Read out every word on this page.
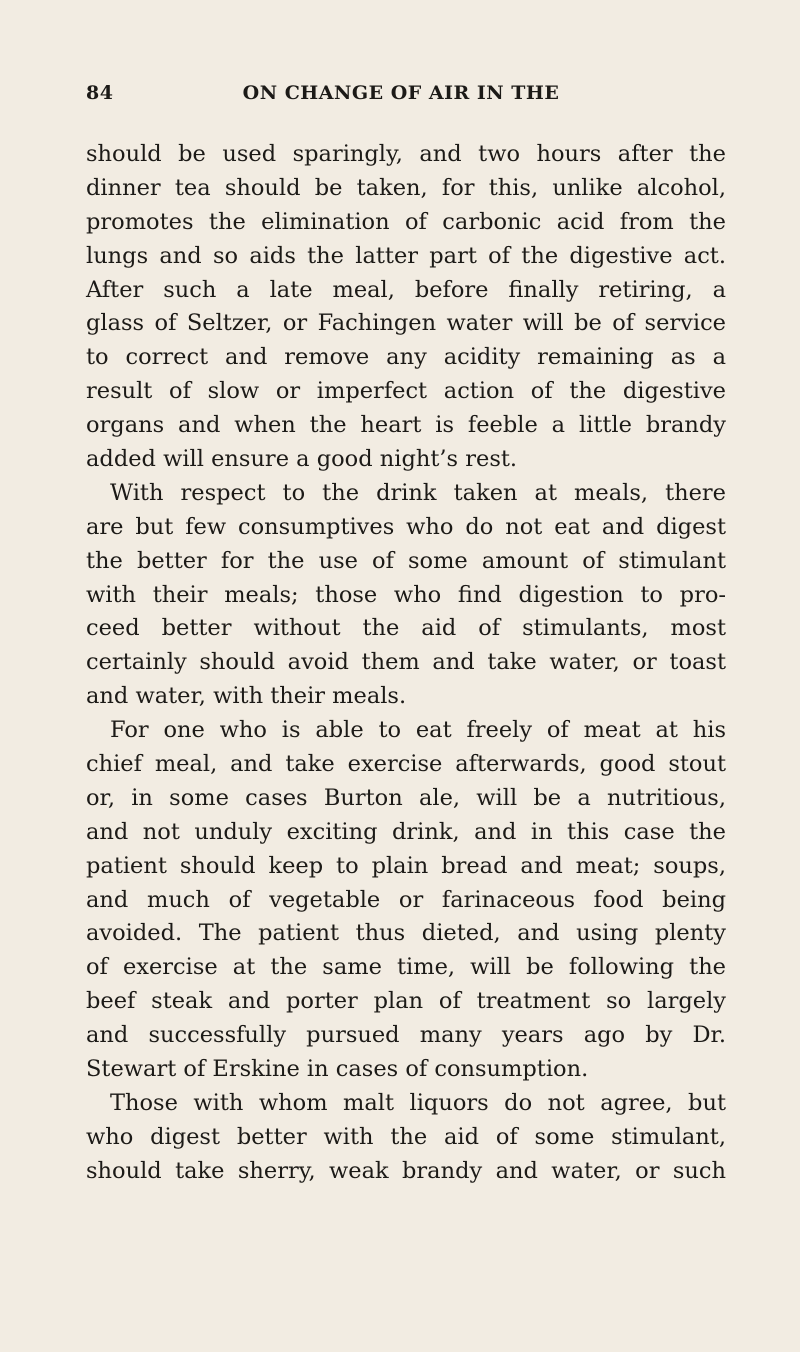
84	ON CHANGE OF AIR IN THE
should be used sparingly, and two hours after the
dinner tea should be taken, for this, unlike alcohol,
promotes the elimination of carbonic acid from the
lungs and so aids the latter part of the digestive act.
After such a late meal, before finally retiring, a
glass of Seltzer, or Fachingen water will be of service
to correct and remove any acidity remaining as a
result of slow or imperfect action of the digestive
organs and when the heart is feeble a little brandy
added will ensure a good night’s rest.
With respect to the drink taken at meals, there
are but few consumptives who do not eat and digest
the better for the use of some amount of stimulant
with their meals; those who find digestion to pro-
ceed better without the aid of stimulants, most
certainly should avoid them and take water, or toast
and water, with their meals.
For one who is able to eat freely of meat at his
chief meal, and take exercise afterwards, good stout
or, in some cases Burton ale, will be a nutritious,
and not unduly exciting drink, and in this case the
patient should keep to plain bread and meat; soups,
and much of vegetable or farinaceous food being
avoided. The patient thus dieted, and using plenty
of exercise at the same time, will be following the
beef steak and porter plan of treatment so largely
and successfully pursued many years ago by Dr.
Stewart of Erskine in cases of consumption.
Those with whom malt liquors do not agree, but
who digest better with the aid of some stimulant,
should take sherry, weak brandy and water, or such
